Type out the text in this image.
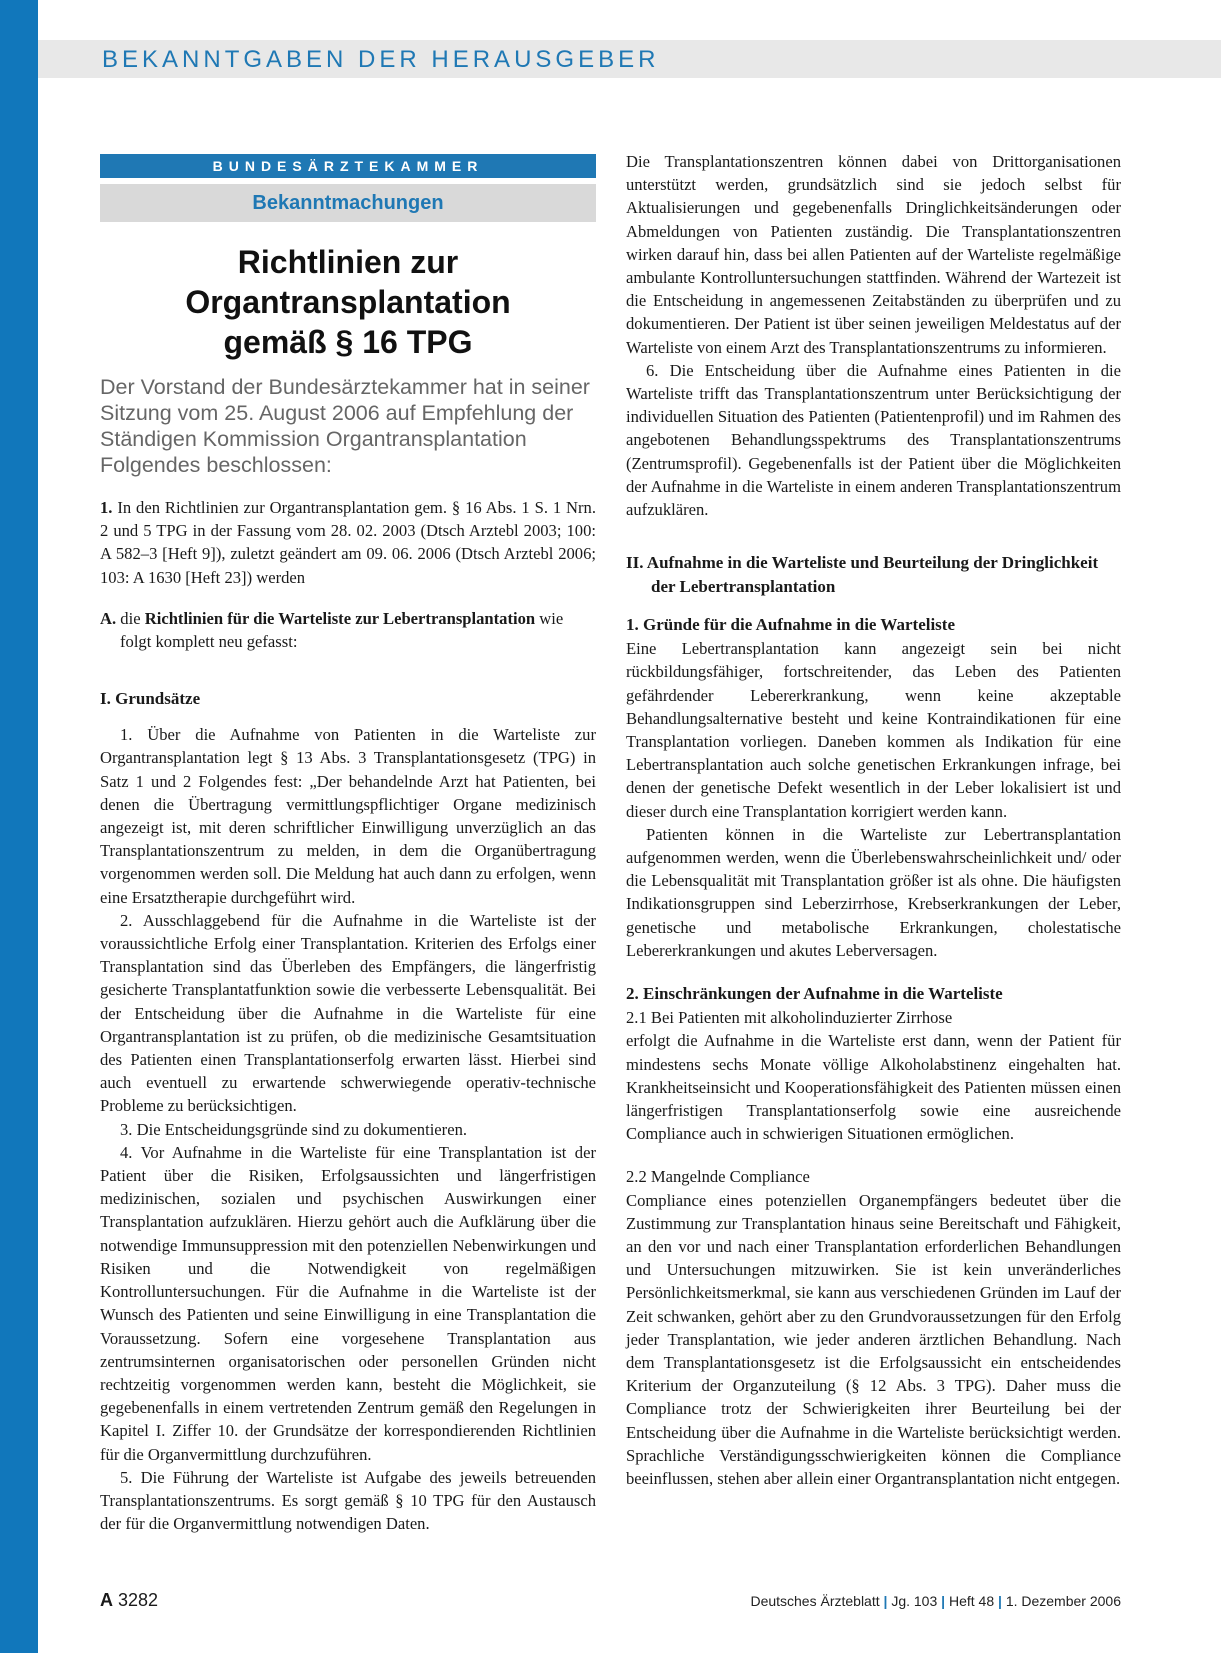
BEKANNTGABEN DER HERAUSGEBER
BUNDESÄRZTEKAMMER
Bekanntmachungen
Richtlinien zur Organtransplantation
gemäß § 16 TPG
Der Vorstand der Bundesärztekammer hat in seiner Sitzung vom 25. August 2006 auf Empfehlung der Ständigen Kommission Organtransplantation Folgendes beschlossen:

1. In den Richtlinien zur Organtransplantation gem. § 16 Abs. 1 S. 1 Nrn. 2 und 5 TPG in der Fassung vom 28. 02. 2003 (Dtsch Arztebl 2003; 100: A 582–3 [Heft 9]), zuletzt geändert am 09. 06. 2006 (Dtsch Arztebl 2006; 103: A 1630 [Heft 23]) werden

A. die Richtlinien für die Warteliste zur Lebertransplantation wie folgt komplett neu gefasst:
I. Grundsätze

1. Über die Aufnahme von Patienten in die Warteliste zur Organtransplantation legt § 13 Abs. 3 Transplantationsgesetz (TPG) in Satz 1 und 2 Folgendes fest: „Der behandelnde Arzt hat Patienten, bei denen die Übertragung vermittlungspflichtiger Organe medizinisch angezeigt ist, mit deren schriftlicher Einwilligung unverzüglich an das Transplantationszentrum zu melden, in dem die Organübertragung vorgenommen werden soll. Die Meldung hat auch dann zu erfolgen, wenn eine Ersatztherapie durchgeführt wird.

2. Ausschlaggebend für die Aufnahme in die Warteliste ist der voraussichtliche Erfolg einer Transplantation. Kriterien des Erfolgs einer Transplantation sind das Überleben des Empfängers, die längerfristig gesicherte Transplantatfunktion sowie die verbesserte Lebensqualität. Bei der Entscheidung über die Aufnahme in die Warteliste für eine Organtransplantation ist zu prüfen, ob die medizinische Gesamtsituation des Patienten einen Transplantationserfolg erwarten lässt. Hierbei sind auch eventuell zu erwartende schwerwiegende operativ-technische Probleme zu berücksichtigen.

3. Die Entscheidungsgründe sind zu dokumentieren.

4. Vor Aufnahme in die Warteliste für eine Transplantation ist der Patient über die Risiken, Erfolgsaussichten und längerfristigen medizinischen, sozialen und psychischen Auswirkungen einer Transplantation aufzuklären. Hierzu gehört auch die Aufklärung über die notwendige Immunsuppression mit den potenziellen Nebenwirkungen und Risiken und die Notwendigkeit von regelmäßigen Kontrolluntersuchungen. Für die Aufnahme in die Warteliste ist der Wunsch des Patienten und seine Einwilligung in eine Transplantation die Voraussetzung. Sofern eine vorgesehene Transplantation aus zentrumsinternen organisatorischen oder personellen Gründen nicht rechtzeitig vorgenommen werden kann, besteht die Möglichkeit, sie gegebenenfalls in einem vertretenden Zentrum gemäß den Regelungen in Kapitel I. Ziffer 10. der Grundsätze der korrespondierenden Richtlinien für die Organvermittlung durchzuführen.

5. Die Führung der Warteliste ist Aufgabe des jeweils betreuenden Transplantationszentrums. Es sorgt gemäß § 10 TPG für den Austausch der für die Organvermittlung notwendigen Daten.

Die Transplantationszentren können dabei von Drittorganisationen unterstützt werden, grundsätzlich sind sie jedoch selbst für Aktualisierungen und gegebenenfalls Dringlichkeitsänderungen oder Abmeldungen von Patienten zuständig. Die Transplantationszentren wirken darauf hin, dass bei allen Patienten auf der Warteliste regelmäßige ambulante Kontrolluntersuchungen stattfinden. Während der Wartezeit ist die Entscheidung in angemessenen Zeitabständen zu überprüfen und zu dokumentieren. Der Patient ist über seinen jeweiligen Meldestatus auf der Warteliste von einem Arzt des Transplantationszentrums zu informieren.

6. Die Entscheidung über die Aufnahme eines Patienten in die Warteliste trifft das Transplantationszentrum unter Berücksichtigung der individuellen Situation des Patienten (Patientenprofil) und im Rahmen des angebotenen Behandlungsspektrums des Transplantationszentrums (Zentrumsprofil). Gegebenenfalls ist der Patient über die Möglichkeiten der Aufnahme in die Warteliste in einem anderen Transplantationszentrum aufzuklären.

II. Aufnahme in die Warteliste und Beurteilung der Dringlichkeit der Lebertransplantation
1. Gründe für die Aufnahme in die Warteliste

Eine Lebertransplantation kann angezeigt sein bei nicht rückbildungsfähiger, fortschreitender, das Leben des Patienten gefährdender Lebererkrankung, wenn keine akzeptable Behandlungsalternative besteht und keine Kontraindikationen für eine Transplantation vorliegen. Daneben kommen als Indikation für eine Lebertransplantation auch solche genetischen Erkrankungen infrage, bei denen der genetische Defekt wesentlich in der Leber lokalisiert ist und dieser durch eine Transplantation korrigiert werden kann.

Patienten können in die Warteliste zur Lebertransplantation aufgenommen werden, wenn die Überlebenswahrscheinlichkeit und/ oder die Lebensqualität mit Transplantation größer ist als ohne. Die häufigsten Indikationsgruppen sind Leberzirrhose, Krebserkrankungen der Leber, genetische und metabolische Erkrankungen, cholestatische Lebererkrankungen und akutes Leberversagen.

2. Einschränkungen der Aufnahme in die Warteliste

2.1 Bei Patienten mit alkoholinduzierter Zirrhose

erfolgt die Aufnahme in die Warteliste erst dann, wenn der Patient für mindestens sechs Monate völlige Alkoholabstinenz eingehalten hat. Krankheitseinsicht und Kooperationsfähigkeit des Patienten müssen einen längerfristigen Transplantationserfolg sowie eine ausreichende Compliance auch in schwierigen Situationen ermöglichen.

2.2 Mangelnde Compliance

Compliance eines potenziellen Organempfängers bedeutet über die Zustimmung zur Transplantation hinaus seine Bereitschaft und Fähigkeit, an den vor und nach einer Transplantation erforderlichen Behandlungen und Untersuchungen mitzuwirken. Sie ist kein unveränderliches Persönlichkeitsmerkmal, sie kann aus verschiedenen Gründen im Lauf der Zeit schwanken, gehört aber zu den Grundvoraussetzungen für den Erfolg jeder Transplantation, wie jeder anderen ärztlichen Behandlung. Nach dem Transplantationsgesetz ist die Erfolgsaussicht ein entscheidendes Kriterium der Organzuteilung (§ 12 Abs. 3 TPG). Daher muss die Compliance trotz der Schwierigkeiten ihrer Beurteilung bei der Entscheidung über die Aufnahme in die Warteliste berücksichtigt werden. Sprachliche Verständigungsschwierigkeiten können die Compliance beeinflussen, stehen aber allein einer Organtransplantation nicht entgegen.

A 3282	Deutsches Ärzteblatt | Jg. 103 | Heft 48 | 1. Dezember 2006
